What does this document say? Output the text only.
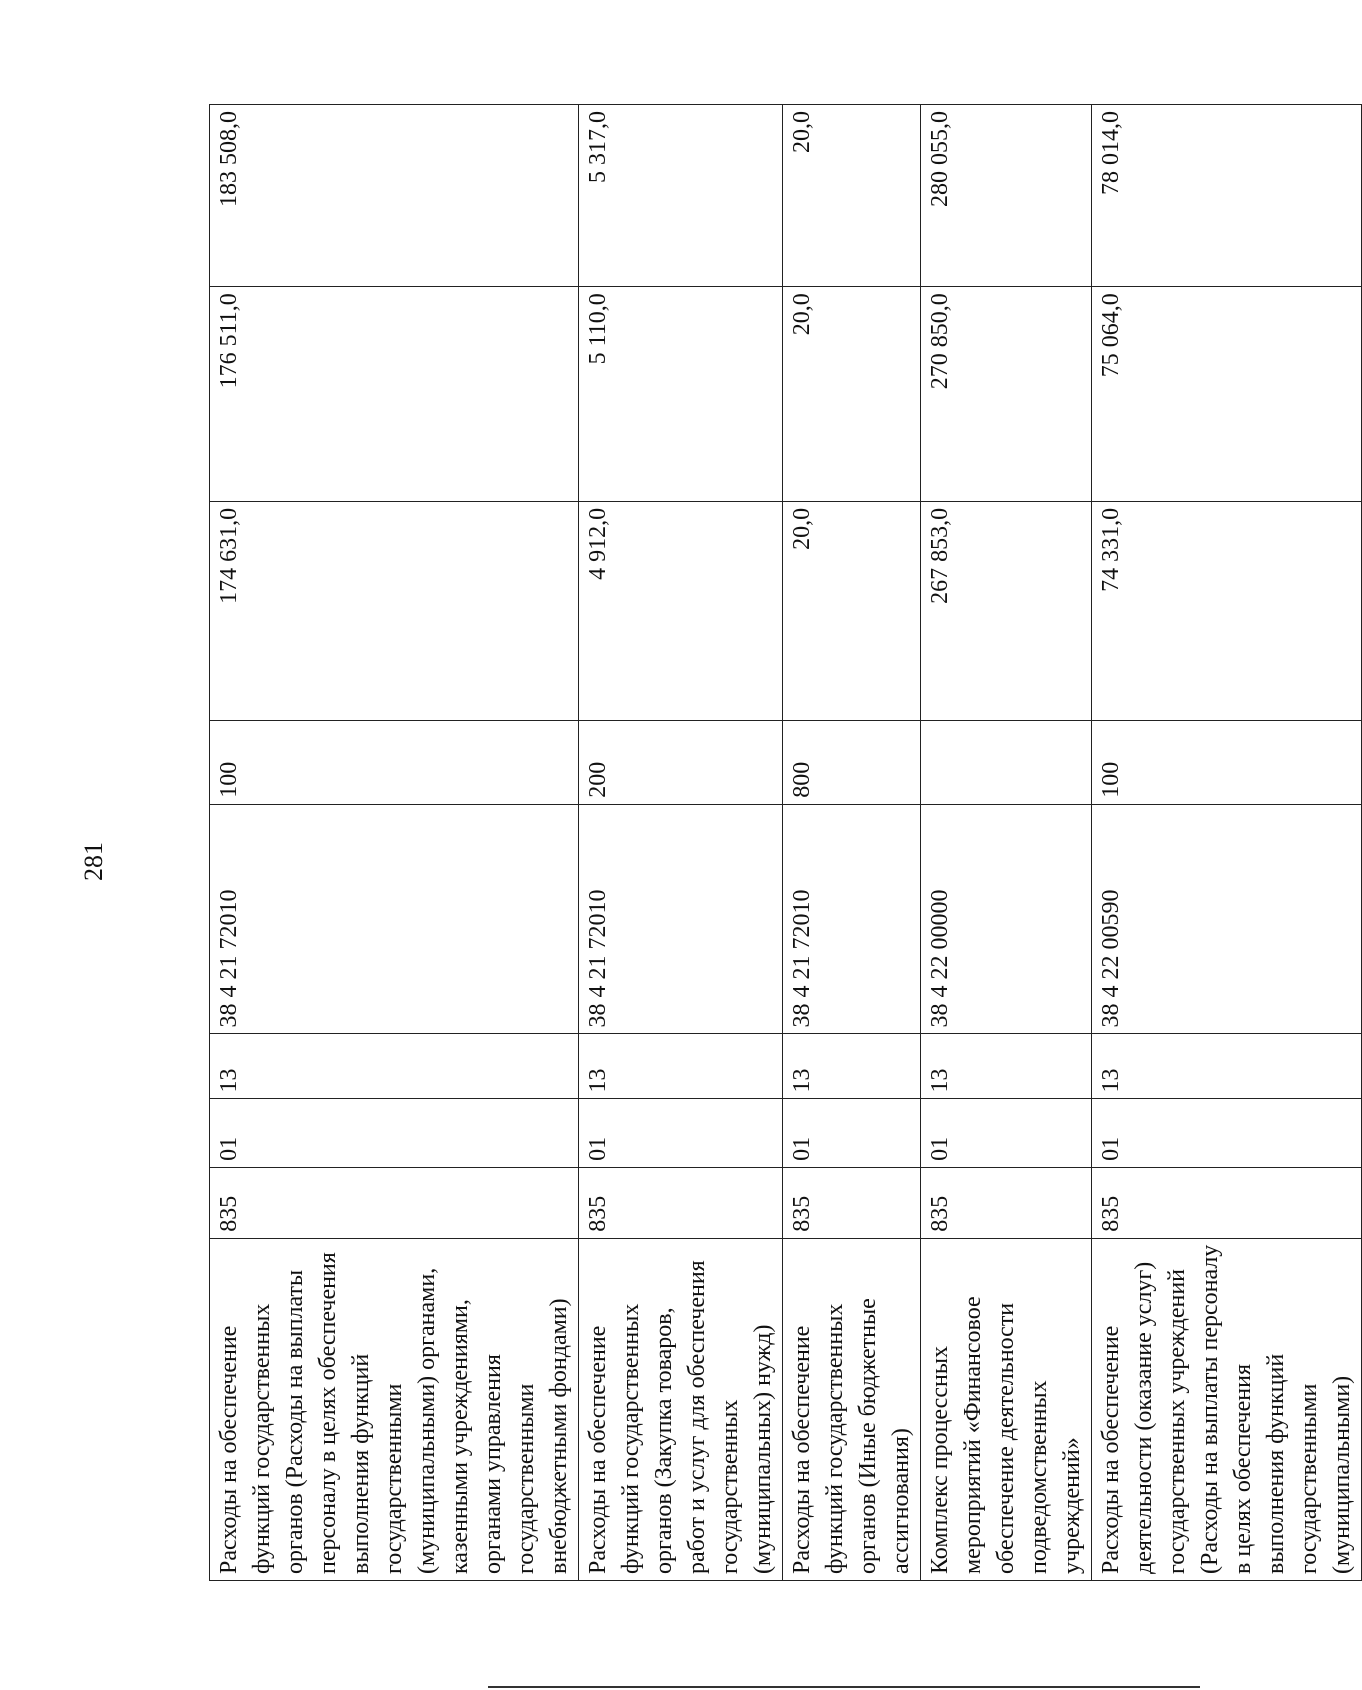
281
Расходы на обеспечение функций государственных органов (Расходы на выплаты персоналу в целях обеспечения выполнения функций государственными (муниципальными) органами, казенными учреждениями, органами управления государственными внебюджетными фондами)	835	01	13	38 4 21 72010	100	174 631,0	176 511,0	183 508,0
Расходы на обеспечение функций государственных органов (Закупка товаров, работ и услуг для обеспечения государственных (муниципальных) нужд)	835	01	13	38 4 21 72010	200	4 912,0	5 110,0	5 317,0
Расходы на обеспечение функций государственных органов (Иные бюджетные ассигнования)	835	01	13	38 4 21 72010	800	20,0	20,0	20,0
Комплекс процессных мероприятий «Финансовое обеспечение деятельности подведомственных учреждений»	835	01	13	38 4 22 00000		267 853,0	270 850,0	280 055,0
Расходы на обеспечение деятельности (оказание услуг) государственных учреждений (Расходы на выплаты персоналу в целях обеспечения выполнения функций государственными (муниципальными)	835	01	13	38 4 22 00590	100	74 331,0	75 064,0	78 014,0
